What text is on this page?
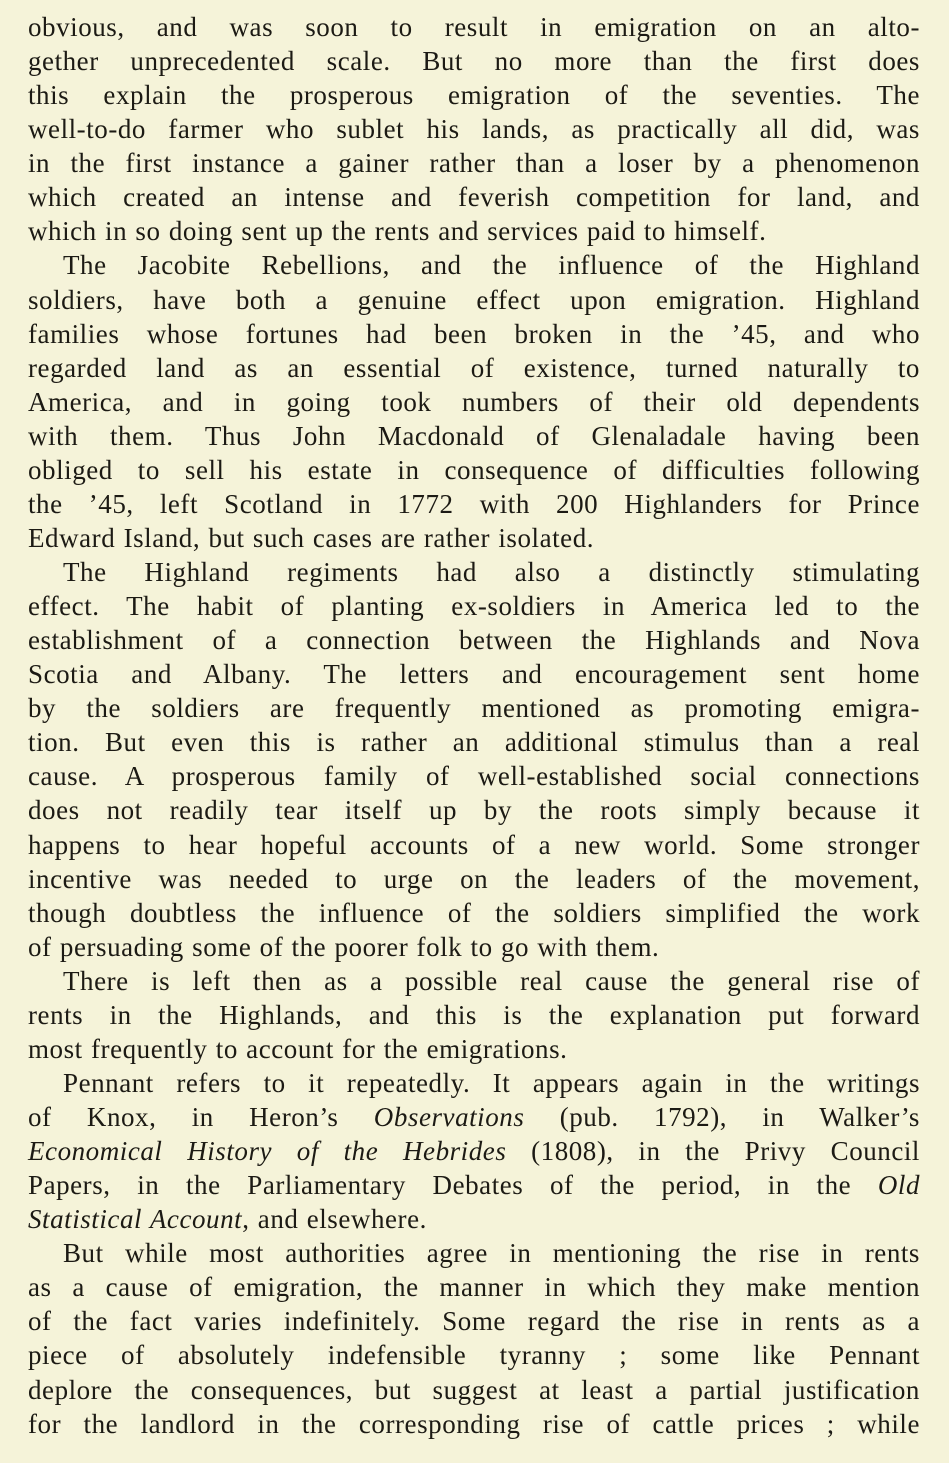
obvious, and was soon to result in emigration on an alto-
gether unprecedented scale. But no more than the first does
this explain the prosperous emigration of the seventies. The
well-to-do farmer who sublet his lands, as practically all did, was
in the first instance a gainer rather than a loser by a phenomenon
which created an intense and feverish competition for land, and
which in so doing sent up the rents and services paid to himself.
The Jacobite Rebellions, and the influence of the Highland
soldiers, have both a genuine effect upon emigration. Highland
families whose fortunes had been broken in the ’45, and who
regarded land as an essential of existence, turned naturally to
America, and in going took numbers of their old dependents
with them. Thus John Macdonald of Glenaladale having been
obliged to sell his estate in consequence of difficulties following
the ’45, left Scotland in 1772 with 200 Highlanders for Prince
Edward Island, but such cases are rather isolated.
The Highland regiments had also a distinctly stimulating
effect. The habit of planting ex-soldiers in America led to the
establishment of a connection between the Highlands and Nova
Scotia and Albany. The letters and encouragement sent home
by the soldiers are frequently mentioned as promoting emigra-
tion. But even this is rather an additional stimulus than a real
cause. A prosperous family of well-established social connections
does not readily tear itself up by the roots simply because it
happens to hear hopeful accounts of a new world. Some stronger
incentive was needed to urge on the leaders of the movement,
though doubtless the influence of the soldiers simplified the work
of persuading some of the poorer folk to go with them.
There is left then as a possible real cause the general rise of
rents in the Highlands, and this is the explanation put forward
most frequently to account for the emigrations.
Pennant refers to it repeatedly. It appears again in the writings
of Knox, in Heron’s Observations (pub. 1792), in Walker’s
Economical History of the Hebrides (1808), in the Privy Council
Papers, in the Parliamentary Debates of the period, in the Old
Statistical Account, and elsewhere.
But while most authorities agree in mentioning the rise in rents
as a cause of emigration, the manner in which they make mention
of the fact varies indefinitely. Some regard the rise in rents as a
piece of absolutely indefensible tyranny ; some like Pennant
deplore the consequences, but suggest at least a partial justification
for the landlord in the corresponding rise of cattle prices ; while
